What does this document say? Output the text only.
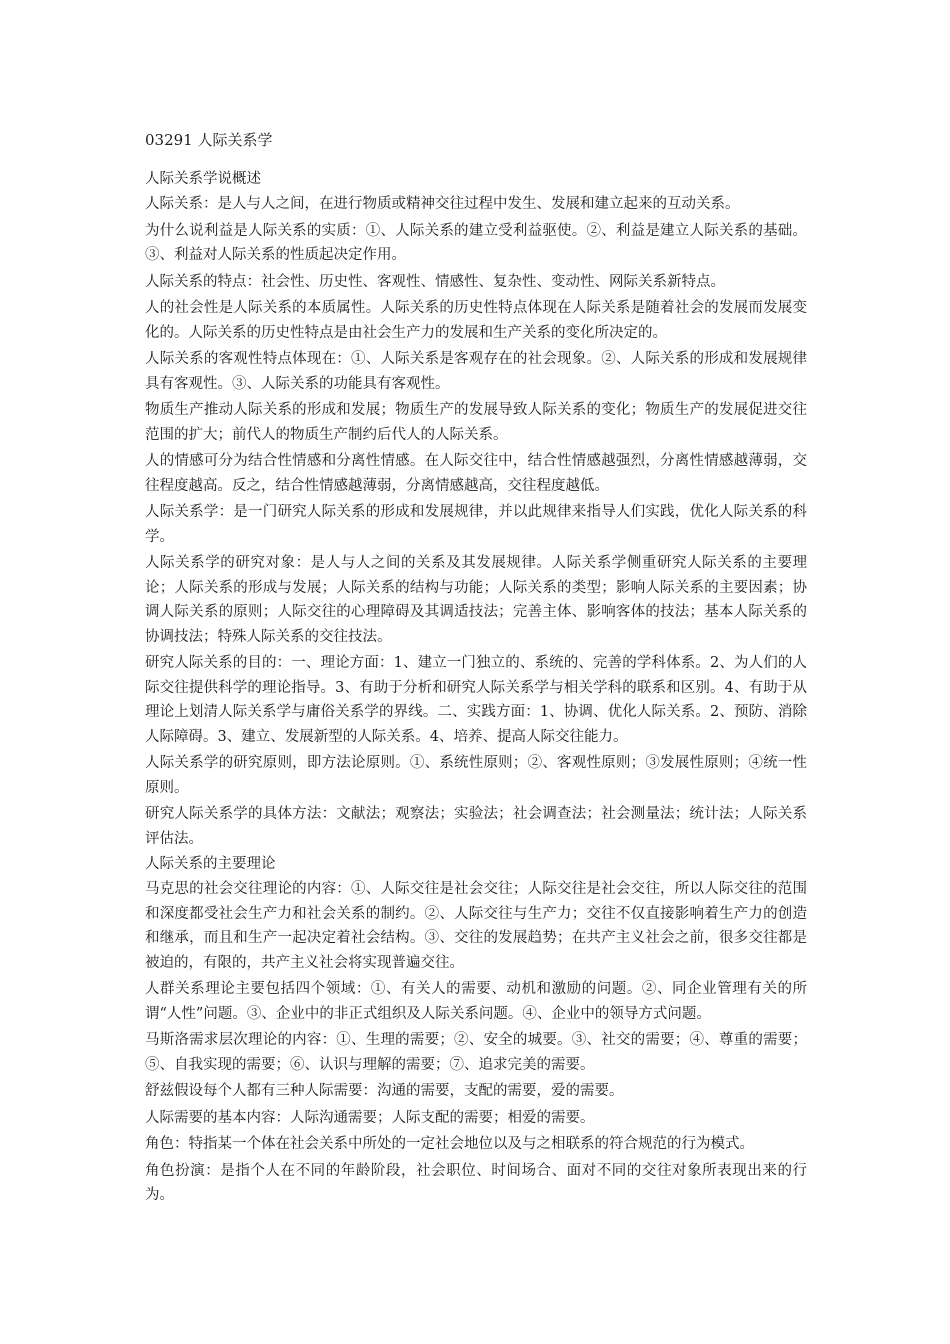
03291 人际关系学
人际关系学说概述
人际关系：是人与人之间，在进行物质或精神交往过程中发生、发展和建立起来的互动关系。
为什么说利益是人际关系的实质：①、人际关系的建立受利益驱使。②、利益是建立人际关系的基础。③、利益对人际关系的性质起决定作用。
人际关系的特点：社会性、历史性、客观性、情感性、复杂性、变动性、网际关系新特点。
人的社会性是人际关系的本质属性。人际关系的历史性特点体现在人际关系是随着社会的发展而发展变化的。人际关系的历史性特点是由社会生产力的发展和生产关系的变化所决定的。
人际关系的客观性特点体现在：①、人际关系是客观存在的社会现象。②、人际关系的形成和发展规律具有客观性。③、人际关系的功能具有客观性。
物质生产推动人际关系的形成和发展；物质生产的发展导致人际关系的变化；物质生产的发展促进交往范围的扩大；前代人的物质生产制约后代人的人际关系。
人的情感可分为结合性情感和分离性情感。在人际交往中，结合性情感越强烈，分离性情感越薄弱，交往程度越高。反之，结合性情感越薄弱，分离情感越高，交往程度越低。
人际关系学：是一门研究人际关系的形成和发展规律，并以此规律来指导人们实践，优化人际关系的科学。
人际关系学的研究对象：是人与人之间的关系及其发展规律。人际关系学侧重研究人际关系的主要理论；人际关系的形成与发展；人际关系的结构与功能；人际关系的类型；影响人际关系的主要因素；协调人际关系的原则；人际交往的心理障碍及其调适技法；完善主体、影响客体的技法；基本人际关系的协调技法；特殊人际关系的交往技法。
研究人际关系的目的：一、理论方面：1、建立一门独立的、系统的、完善的学科体系。2、为人们的人际交往提供科学的理论指导。3、有助于分析和研究人际关系学与相关学科的联系和区别。4、有助于从理论上划清人际关系学与庸俗关系学的界线。二、实践方面：1、协调、优化人际关系。2、预防、消除人际障碍。3、建立、发展新型的人际关系。4、培养、提高人际交往能力。
人际关系学的研究原则，即方法论原则。①、系统性原则；②、客观性原则；③发展性原则；④统一性原则。
研究人际关系学的具体方法：文献法；观察法；实验法；社会调查法；社会测量法；统计法；人际关系评估法。
人际关系的主要理论
马克思的社会交往理论的内容：①、人际交往是社会交往；人际交往是社会交往，所以人际交往的范围和深度都受社会生产力和社会关系的制约。②、人际交往与生产力；交往不仅直接影响着生产力的创造和继承，而且和生产一起决定着社会结构。③、交往的发展趋势；在共产主义社会之前，很多交往都是被迫的，有限的，共产主义社会将实现普遍交往。
人群关系理论主要包括四个领域：①、有关人的需要、动机和激励的问题。②、同企业管理有关的所谓“人性”问题。③、企业中的非正式组织及人际关系问题。④、企业中的领导方式问题。
马斯洛需求层次理论的内容：①、生理的需要；②、安全的城要。③、社交的需要；④、尊重的需要；⑤、自我实现的需要；⑥、认识与理解的需要；⑦、追求完美的需要。
舒兹假设每个人都有三种人际需要：沟通的需要，支配的需要，爱的需要。
人际需要的基本内容：人际沟通需要；人际支配的需要；相爱的需要。
角色：特指某一个体在社会关系中所处的一定社会地位以及与之相联系的符合规范的行为模式。
角色扮演：是指个人在不同的年龄阶段，社会职位、时间场合、面对不同的交往对象所表现出来的行为。
